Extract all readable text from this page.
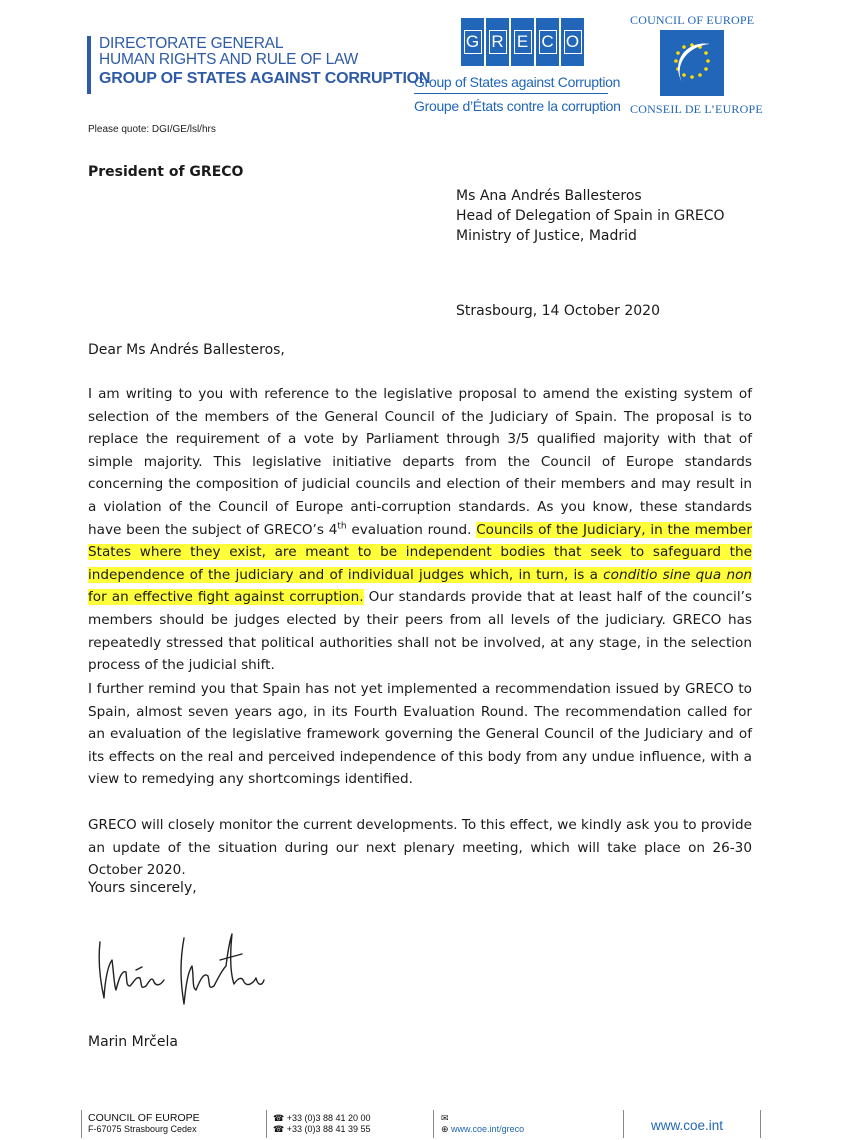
DIRECTORATE GENERAL
HUMAN RIGHTS AND RULE OF LAW
GROUP OF STATES AGAINST CORRUPTION
G R E C O
Group of States against Corruption
Groupe d’États contre la corruption
COUNCIL OF EUROPE
CONSEIL DE L’EUROPE
Please quote: DGI/GE/lsl/hrs
President of GRECO
Ms Ana Andrés Ballesteros
Head of Delegation of Spain in GRECO
Ministry of Justice, Madrid
Strasbourg, 14 October 2020
Dear Ms Andrés Ballesteros,
I am writing to you with reference to the legislative proposal to amend the existing system of selection of the members of the General Council of the Judiciary of Spain. The proposal is to replace the requirement of a vote by Parliament through 3/5 qualified majority with that of simple majority. This legislative initiative departs from the Council of Europe standards concerning the composition of judicial councils and election of their members and may result in a violation of the Council of Europe anti-corruption standards. As you know, these standards have been the subject of GRECO’s 4th evaluation round. Councils of the Judiciary, in the member States where they exist, are meant to be independent bodies that seek to safeguard the independence of the judiciary and of individual judges which, in turn, is a conditio sine qua non for an effective fight against corruption. Our standards provide that at least half of the council’s members should be judges elected by their peers from all levels of the judiciary. GRECO has repeatedly stressed that political authorities shall not be involved, at any stage, in the selection process of the judicial shift.
I further remind you that Spain has not yet implemented a recommendation issued by GRECO to Spain, almost seven years ago, in its Fourth Evaluation Round. The recommendation called for an evaluation of the legislative framework governing the General Council of the Judiciary and of its effects on the real and perceived independence of this body from any undue influence, with a view to remedying any shortcomings identified.
GRECO will closely monitor the current developments. To this effect, we kindly ask you to provide an update of the situation during our next plenary meeting, which will take place on 26-30 October 2020.
Yours sincerely,
Marin Mrčela
COUNCIL OF EUROPE
F-67075 Strasbourg Cedex
☎ +33 (0)3 88 41 20 00
☎ +33 (0)3 88 41 39 55
✉
⊕ www.coe.int/greco	www.coe.int
